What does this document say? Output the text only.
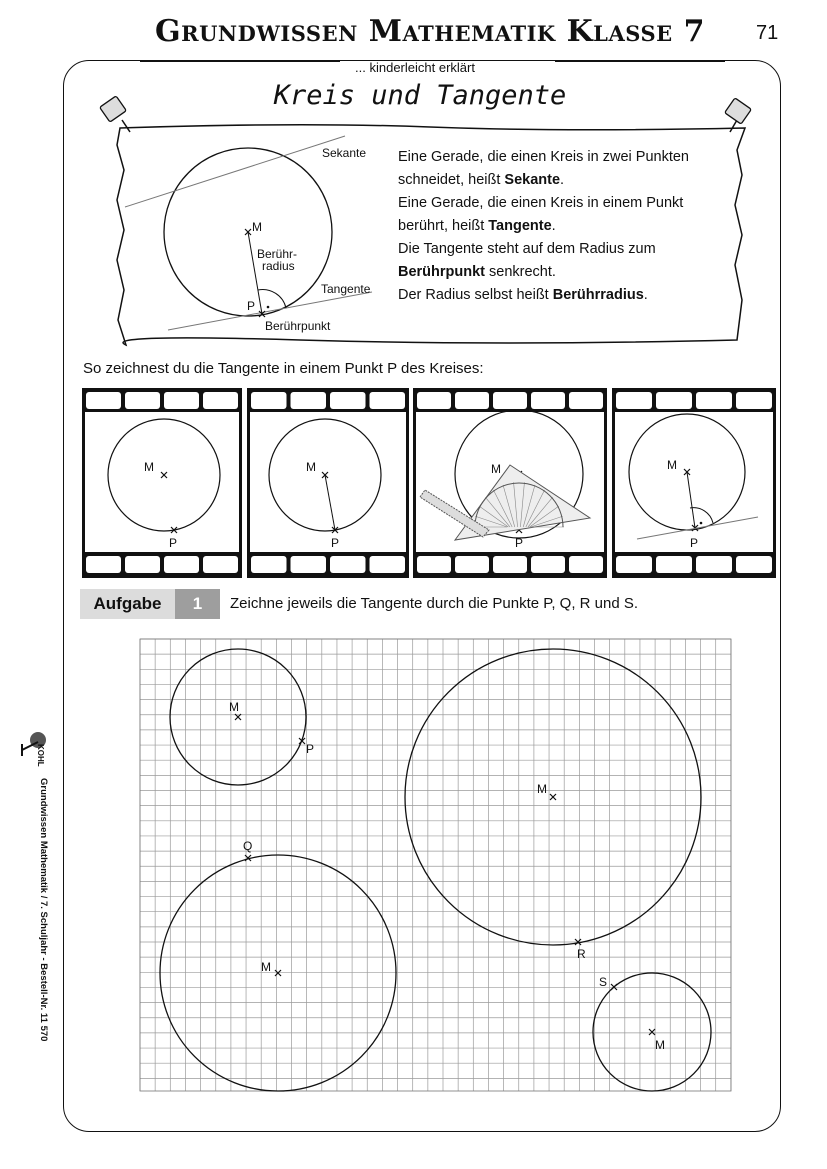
Grundwissen Mathematik Klasse 7	71
... kinderleicht erklärt
Kreis und Tangente
Sekante
M
Berühr-
radius
Tangente
P
Berührpunkt
Eine Gerade, die einen Kreis in zwei Punkten
schneidet, heißt Sekante.
Eine Gerade, die einen Kreis in einem Punkt
berührt, heißt Tangente.
Die Tangente steht auf dem Radius zum
Berührpunkt senkrecht.
Der Radius selbst heißt Berührradius.
So zeichnest du die Tangente in einem Punkt P des Kreises:
M
P
M
P
M
P
M
P
Aufgabe	1	Zeichne jeweils die Tangente durch die Punkte P, Q, R und S.
M
P
M
Q
M
R
S
M
KOHL
Grundwissen Mathematik / 7. Schuljahr - Bestell-Nr. 11 570
